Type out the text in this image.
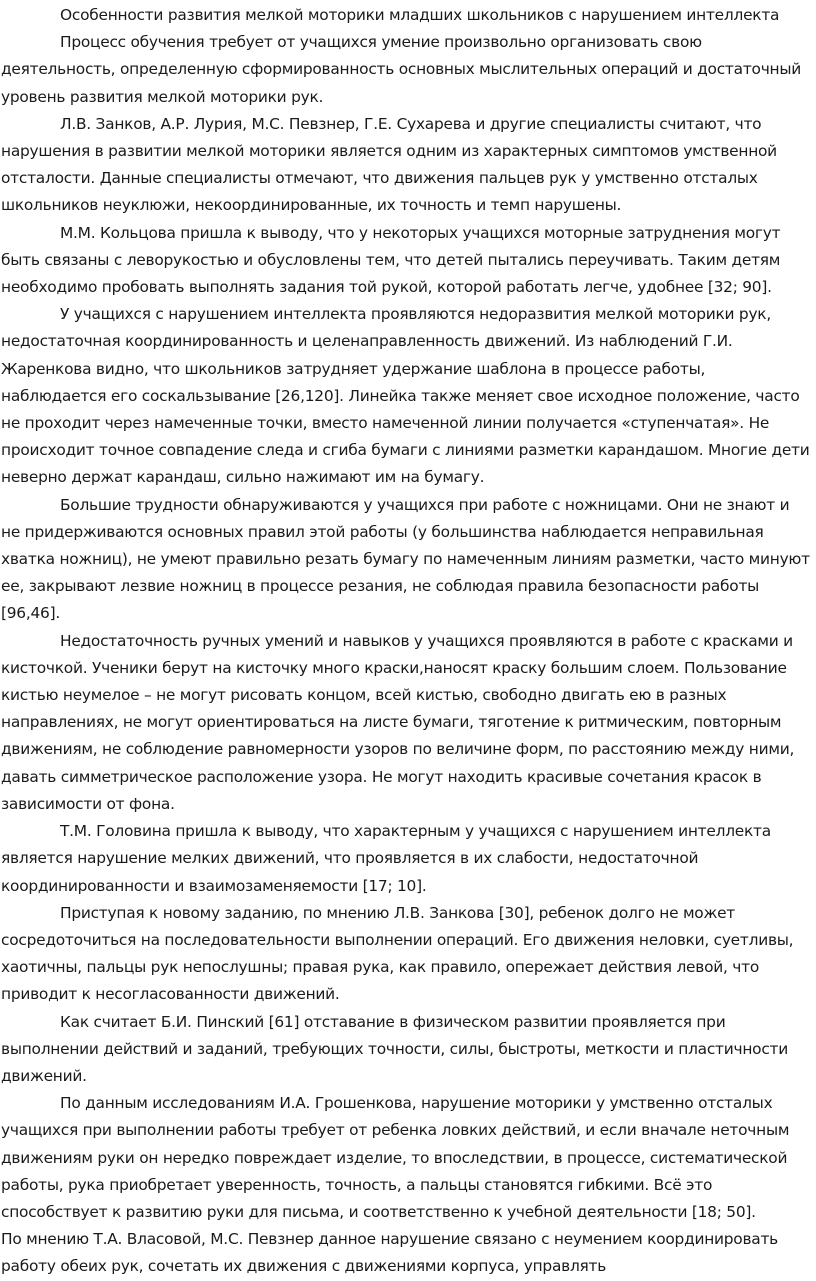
Особенности развития мелкой моторики младших школьников с нарушением интеллекта

Процесс обучения требует от учащихся умение произвольно организовать свою деятельность, определенную сформированность основных мыслительных операций и достаточный уровень развития мелкой моторики рук.

Л.В. Занков, А.Р. Лурия, М.С. Певзнер, Г.Е. Сухарева и другие специалисты считают, что нарушения в развитии мелкой моторики является одним из характерных симптомов умственной отсталости. Данные специалисты отмечают, что движения пальцев рук у умственно отсталых школьников неуклюжи, некоординированные, их точность и темп нарушены.

М.М. Кольцова пришла к выводу, что у некоторых учащихся моторные затруднения могут быть связаны с леворукостью и обусловлены тем, что детей пытались переучивать. Таким детям необходимо пробовать выполнять задания той рукой, которой работать легче, удобнее [32; 90].

У учащихся с нарушением интеллекта проявляются недоразвития мелкой моторики рук, недостаточная координированность и целенаправленность движений. Из наблюдений Г.И. Жаренкова видно, что школьников затрудняет удержание шаблона в процессе работы, наблюдается его соскальзывание [26,120]. Линейка также меняет свое исходное положение, часто не проходит через намеченные точки, вместо намеченной линии получается «ступенчатая». Не происходит точное совпадение следа и сгиба бумаги с линиями разметки карандашом. Многие дети неверно держат карандаш, сильно нажимают им на бумагу.

Большие трудности обнаруживаются у учащихся при работе с ножницами. Они не знают и не придерживаются основных правил этой работы (у большинства наблюдается неправильная хватка ножниц), не умеют правильно резать бумагу по намеченным линиям разметки, часто минуют ее, закрывают лезвие ножниц в процессе резания, не соблюдая правила безопасности работы [96,46].

Недостаточность ручных умений и навыков у учащихся проявляются в работе с красками и кисточкой. Ученики берут на кисточку много краски,наносят краску большим слоем. Пользование кистью неумелое – не могут рисовать концом, всей кистью, свободно двигать ею в разных направлениях, не могут ориентироваться на листе бумаги, тяготение к ритмическим, повторным движениям, не соблюдение равномерности узоров по величине форм, по расстоянию между ними, давать симметрическое расположение узора. Не могут находить красивые сочетания красок в зависимости от фона.

Т.М. Головина пришла к выводу, что характерным у учащихся с нарушением интеллекта является нарушение мелких движений, что проявляется в их слабости, недостаточной координированности и взаимозаменяемости [17; 10].

Приступая к новому заданию, по мнению Л.В. Занкова [30], ребенок долго не может сосредоточиться на последовательности выполнении операций. Его движения неловки, суетливы, хаотичны, пальцы рук непослушны; правая рука, как правило, опережает действия левой, что приводит к несогласованности движений.

Как считает Б.И. Пинский [61] отставание в физическом развитии проявляется при выполнении действий и заданий, требующих точности, силы, быстроты, меткости и пластичности движений.

По данным исследованиям И.А. Грошенкова, нарушение моторики у умственно отсталых учащихся при выполнении работы требует от ребенка ловких действий, и если вначале неточным движениям руки он нередко повреждает изделие, то впоследствии, в процессе, систематической работы, рука приобретает уверенность, точность, а пальцы становятся гибкими. Всё это способствует к развитию руки для письма, и соответственно к учебной деятельности [18; 50].

По мнению Т.А. Власовой, М.С. Певзнер данное нарушение связано с неумением координировать работу обеих рук, сочетать их движения с движениями корпуса, управлять
